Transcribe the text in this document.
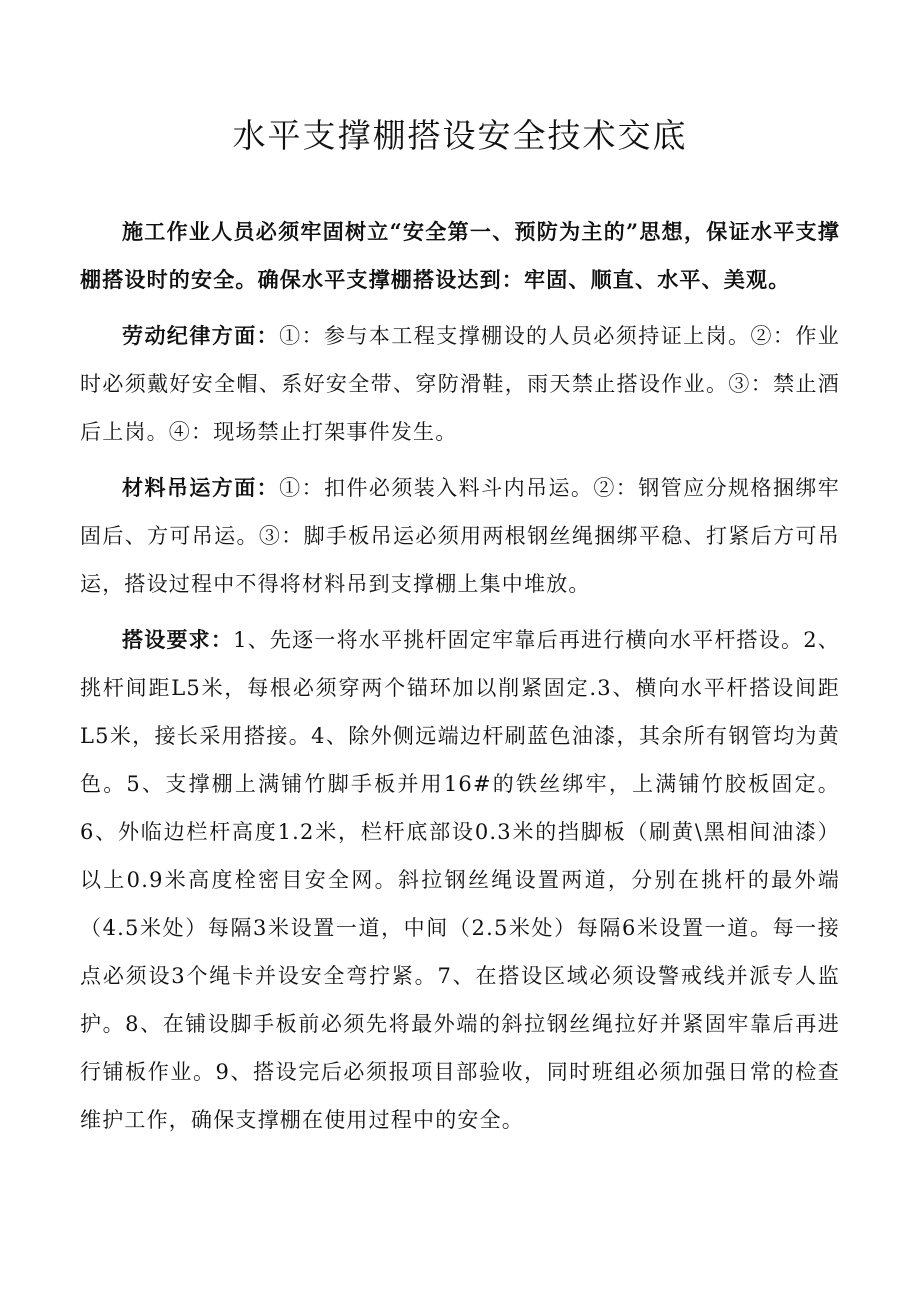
水平支撑棚搭设安全技术交底

施工作业人员必须牢固树立“安全第一、预防为主的”思想，保证水平支撑棚搭设时的安全。确保水平支撑棚搭设达到：牢固、顺直、水平、美观。

劳动纪律方面：①：参与本工程支撑棚设的人员必须持证上岗。②：作业时必须戴好安全帽、系好安全带、穿防滑鞋，雨天禁止搭设作业。③：禁止酒后上岗。④：现场禁止打架事件发生。

材料吊运方面：①：扣件必须装入料斗内吊运。②：钢管应分规格捆绑牢固后、方可吊运。③：脚手板吊运必须用两根钢丝绳捆绑平稳、打紧后方可吊运，搭设过程中不得将材料吊到支撑棚上集中堆放。

搭设要求：1、先逐一将水平挑杆固定牢靠后再进行横向水平杆搭设。2、挑杆间距L5米，每根必须穿两个锚环加以削紧固定.3、横向水平杆搭设间距L5米，接长采用搭接。4、除外侧远端边杆刷蓝色油漆，其余所有钢管均为黄色。5、支撑棚上满铺竹脚手板并用16#的铁丝绑牢，上满铺竹胶板固定。6、外临边栏杆高度1.2米，栏杆底部设0.3米的挡脚板（刷黄\黑相间油漆）以上0.9米高度栓密目安全网。斜拉钢丝绳设置两道，分别在挑杆的最外端（4.5米处）每隔3米设置一道，中间（2.5米处）每隔6米设置一道。每一接点必须设3个绳卡并设安全弯拧紧。7、在搭设区域必须设警戒线并派专人监护。8、在铺设脚手板前必须先将最外端的斜拉钢丝绳拉好并紧固牢靠后再进行铺板作业。9、搭设完后必须报项目部验收，同时班组必须加强日常的检查维护工作，确保支撑棚在使用过程中的安全。
